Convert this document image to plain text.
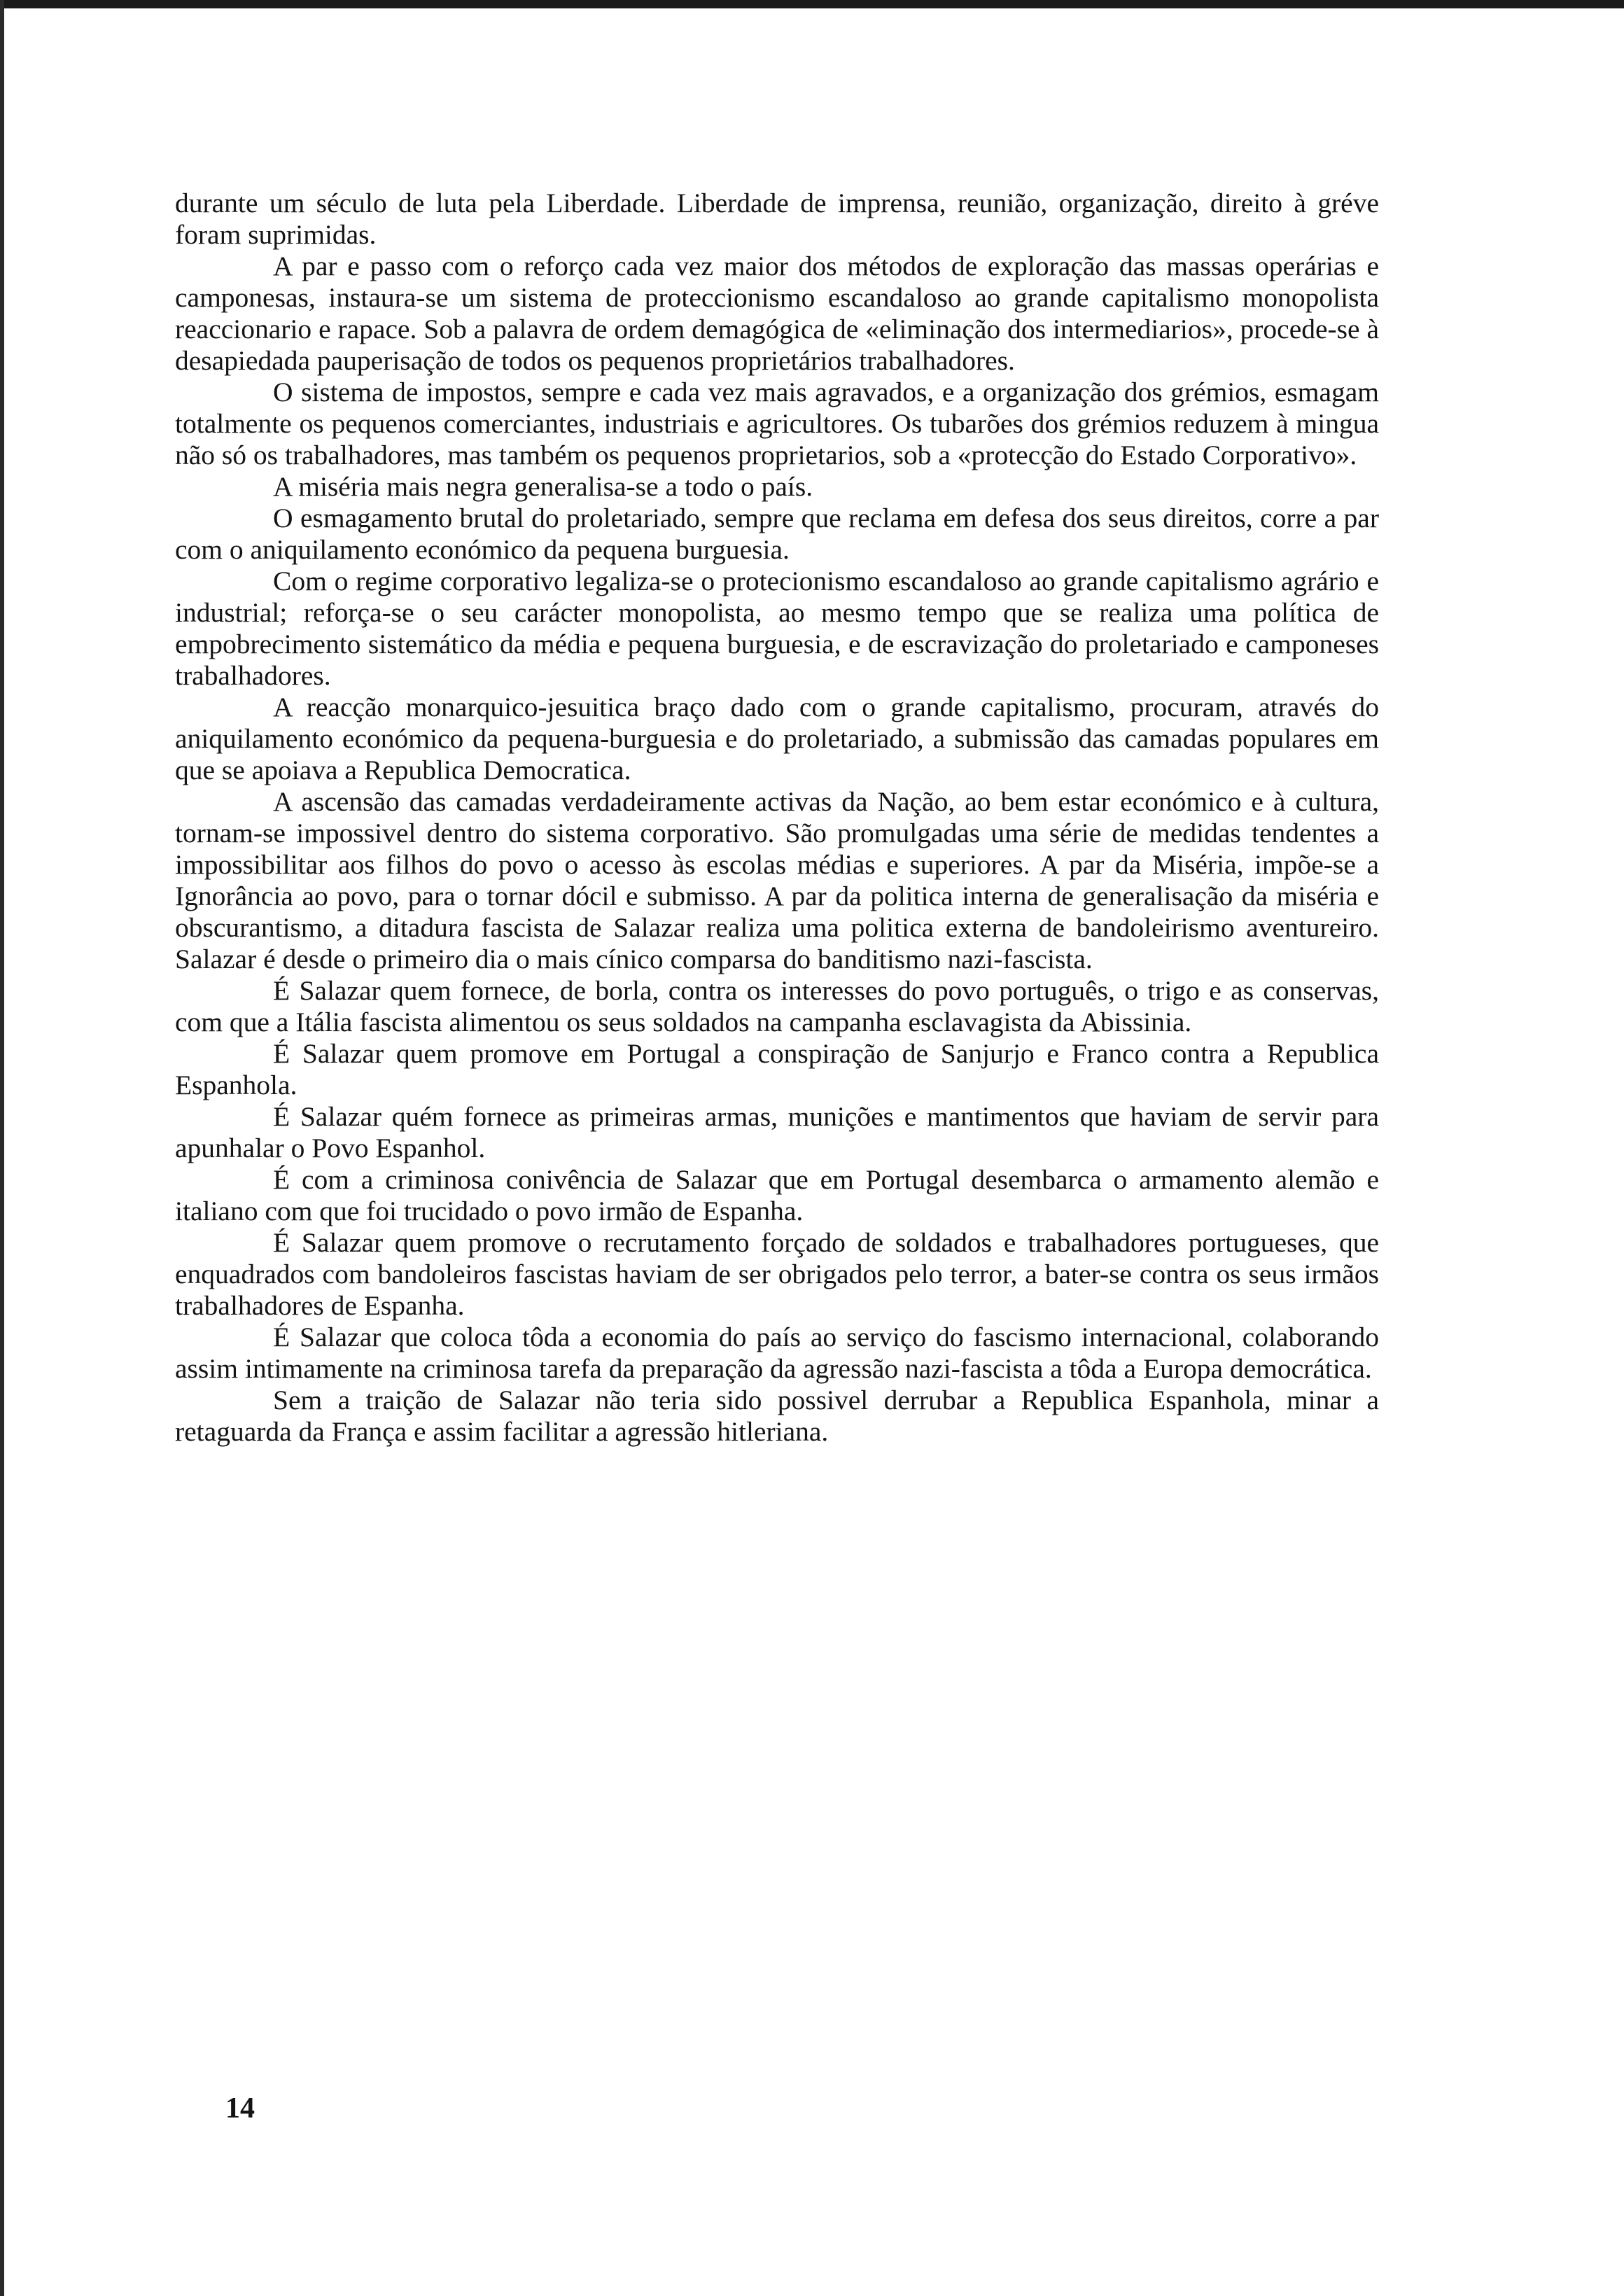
durante um século de luta pela Liberdade. Liberdade de imprensa, reunião, organização, direito à gréve foram suprimidas.

A par e passo com o reforço cada vez maior dos métodos de exploração das massas operárias e camponesas, instaura-se um sistema de proteccionismo escandaloso ao grande capitalismo monopolista reaccionario e rapace. Sob a palavra de ordem demagógica de «eliminação dos intermediarios», procede-se à desapiedada pauperisação de todos os pequenos proprietários trabalhadores.

O sistema de impostos, sempre e cada vez mais agravados, e a organização dos grémios, esmagam totalmente os pequenos comerciantes, industriais e agricultores. Os tubarões dos grémios reduzem à mingua não só os trabalhadores, mas também os pequenos proprietarios, sob a «protecção do Estado Corporativo».

A miséria mais negra generalisa-se a todo o país.

O esmagamento brutal do proletariado, sempre que reclama em defesa dos seus direitos, corre a par com o aniquilamento económico da pequena burguesia.

Com o regime corporativo legaliza-se o protecionismo escandaloso ao grande capitalismo agrário e industrial; reforça-se o seu carácter monopolista, ao mesmo tempo que se realiza uma política de empobrecimento sistemático da média e pequena burguesia, e de escravização do proletariado e camponeses trabalhadores.

A reacção monarquico-jesuitica braço dado com o grande capitalismo, procuram, através do aniquilamento económico da pequena-burguesia e do proletariado, a submissão das camadas populares em que se apoiava a Republica Democratica.

A ascensão das camadas verdadeiramente activas da Nação, ao bem estar económico e à cultura, tornam-se impossivel dentro do sistema corporativo. São promulgadas uma série de medidas tendentes a impossibilitar aos filhos do povo o acesso às escolas médias e superiores. A par da Miséria, impõe-se a Ignorância ao povo, para o tornar dócil e submisso. A par da politica interna de generalisação da miséria e obscurantismo, a ditadura fascista de Salazar realiza uma politica externa de bandoleirismo aventureiro. Salazar é desde o primeiro dia o mais cínico comparsa do banditismo nazi-fascista.

É Salazar quem fornece, de borla, contra os interesses do povo português, o trigo e as conservas, com que a Itália fascista alimentou os seus soldados na campanha esclavagista da Abissinia.

É Salazar quem promove em Portugal a conspiração de Sanjurjo e Franco contra a Republica Espanhola.

É Salazar quém fornece as primeiras armas, munições e mantimentos que haviam de servir para apunhalar o Povo Espanhol.

É com a criminosa conivência de Salazar que em Portugal desembarca o armamento alemão e italiano com que foi trucidado o povo irmão de Espanha.

É Salazar quem promove o recrutamento forçado de soldados e trabalhadores portugueses, que enquadrados com bandoleiros fascistas haviam de ser obrigados pelo terror, a bater-se contra os seus irmãos trabalhadores de Espanha.

É Salazar que coloca tôda a economia do país ao serviço do fascismo internacional, colaborando assim intimamente na criminosa tarefa da preparação da agressão nazi-fascista a tôda a Europa democrática.

Sem a traição de Salazar não teria sido possivel derrubar a Republica Espanhola, minar a retaguarda da França e assim facilitar a agressão hitleriana.

14
